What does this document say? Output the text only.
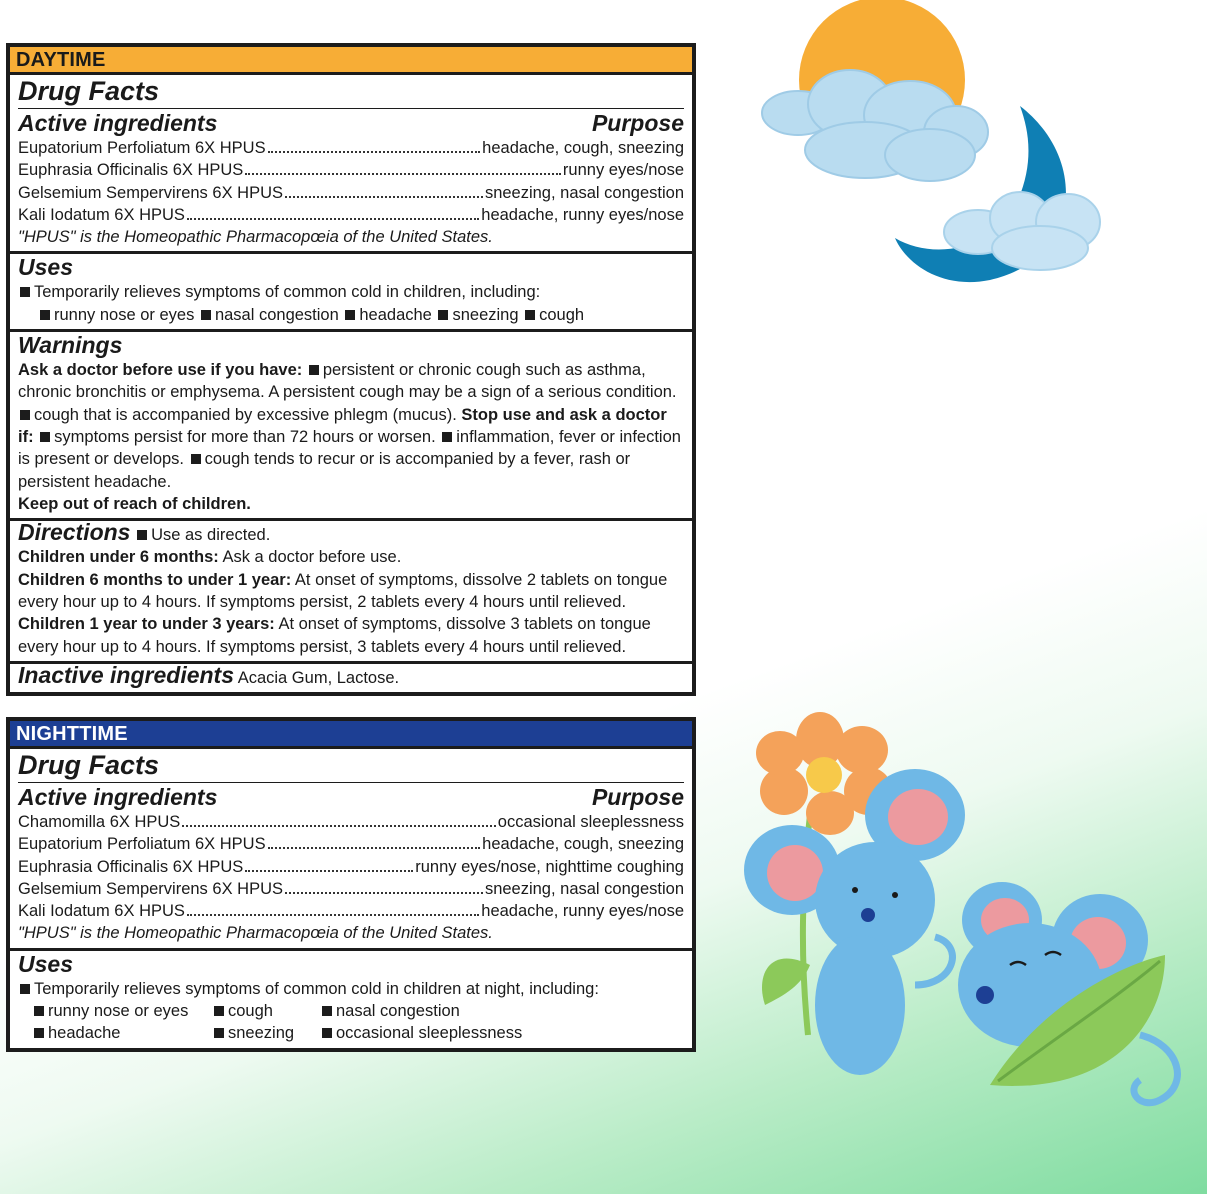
DAYTIME
Drug Facts
Active ingredients	Purpose
Eupatorium Perfoliatum 6X HPUS	headache, cough, sneezing
Euphrasia Officinalis 6X HPUS	runny eyes/nose
Gelsemium Sempervirens 6X HPUS	sneezing, nasal congestion
Kali Iodatum 6X HPUS	headache, runny eyes/nose
"HPUS" is the Homeopathic Pharmacopœia of the United States.
Uses
Temporarily relieves symptoms of common cold in children, including:
runny nose or eyes nasal congestion headache sneezing cough
Warnings
Ask a doctor before use if you have: persistent or chronic cough such as asthma, chronic bronchitis or emphysema. A persistent cough may be a sign of a serious condition. cough that is accompanied by excessive phlegm (mucus). Stop use and ask a doctor if: symptoms persist for more than 72 hours or worsen. inflammation, fever or infection is present or develops. cough tends to recur or is accompanied by a fever, rash or persistent headache.
Keep out of reach of children.
Directions Use as directed.
Children under 6 months: Ask a doctor before use.
Children 6 months to under 1 year: At onset of symptoms, dissolve 2 tablets on tongue every hour up to 4 hours. If symptoms persist, 2 tablets every 4 hours until relieved.
Children 1 year to under 3 years: At onset of symptoms, dissolve 3 tablets on tongue every hour up to 4 hours. If symptoms persist, 3 tablets every 4 hours until relieved.
Inactive ingredients Acacia Gum, Lactose.
NIGHTTIME
Drug Facts
Active ingredients	Purpose
Chamomilla 6X HPUS	occasional sleeplessness
Eupatorium Perfoliatum 6X HPUS	headache, cough, sneezing
Euphrasia Officinalis 6X HPUS	runny eyes/nose, nighttime coughing
Gelsemium Sempervirens 6X HPUS	sneezing, nasal congestion
Kali Iodatum 6X HPUS	headache, runny eyes/nose
"HPUS" is the Homeopathic Pharmacopœia of the United States.
Uses
Temporarily relieves symptoms of common cold in children at night, including:
runny nose or eyes	cough	nasal congestion
headache	sneezing	occasional sleeplessness
